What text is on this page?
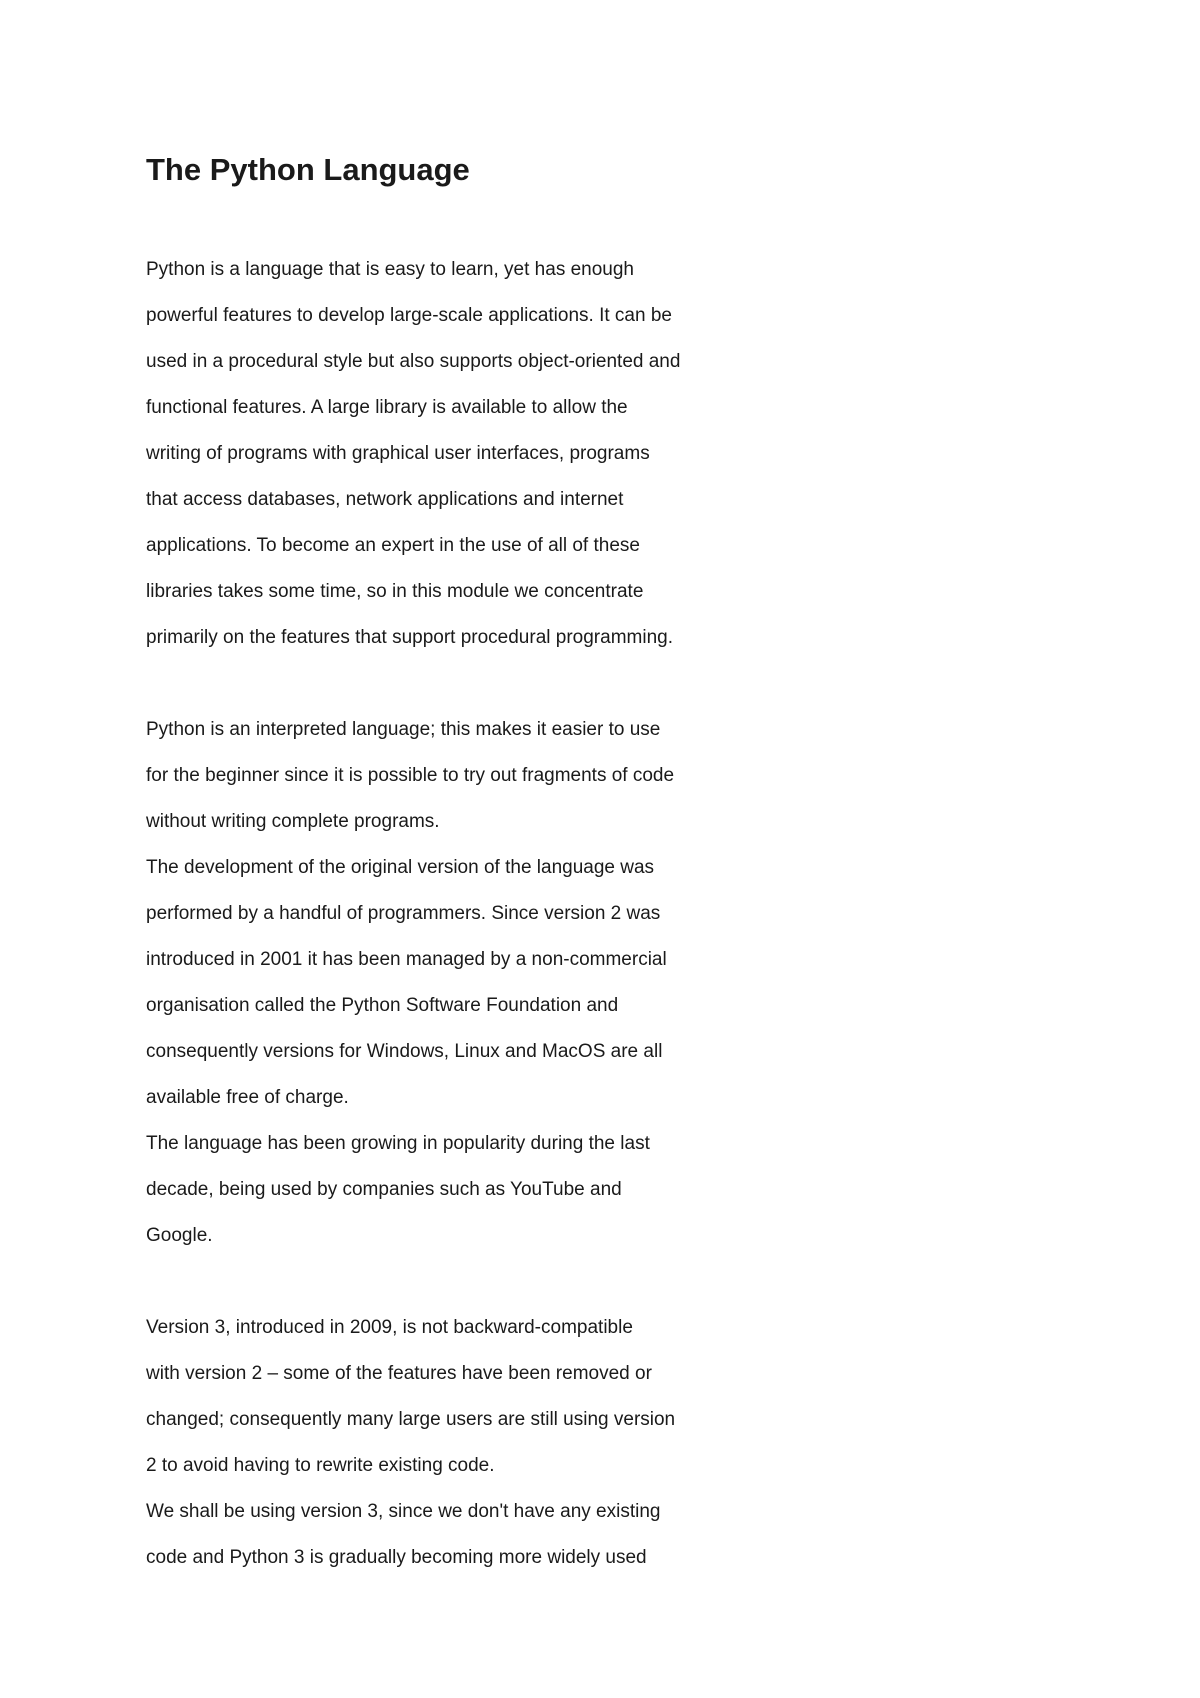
The Python Language

Python is a language that is easy to learn, yet has enough

powerful features to develop large-scale applications. It can be

used in a procedural style but also supports object-oriented and

functional features. A large library is available to allow the

writing of programs with graphical user interfaces, programs

that access databases, network applications and internet

applications. To become an expert in the use of all of these

libraries takes some time, so in this module we concentrate

primarily on the features that support procedural programming.

Python is an interpreted language; this makes it easier to use

for the beginner since it is possible to try out fragments of code

without writing complete programs.

The development of the original version of the language was

performed by a handful of programmers. Since version 2 was

introduced in 2001 it has been managed by a non-commercial

organisation called the Python Software Foundation and

consequently versions for Windows, Linux and MacOS are all

available free of charge.

The language has been growing in popularity during the last

decade, being used by companies such as YouTube and

Google.

Version 3, introduced in 2009, is not backward-compatible

with version 2 – some of the features have been removed or

changed; consequently many large users are still using version

2 to avoid having to rewrite existing code.

We shall be using version 3, since we don't have any existing

code and Python 3 is gradually becoming more widely used
